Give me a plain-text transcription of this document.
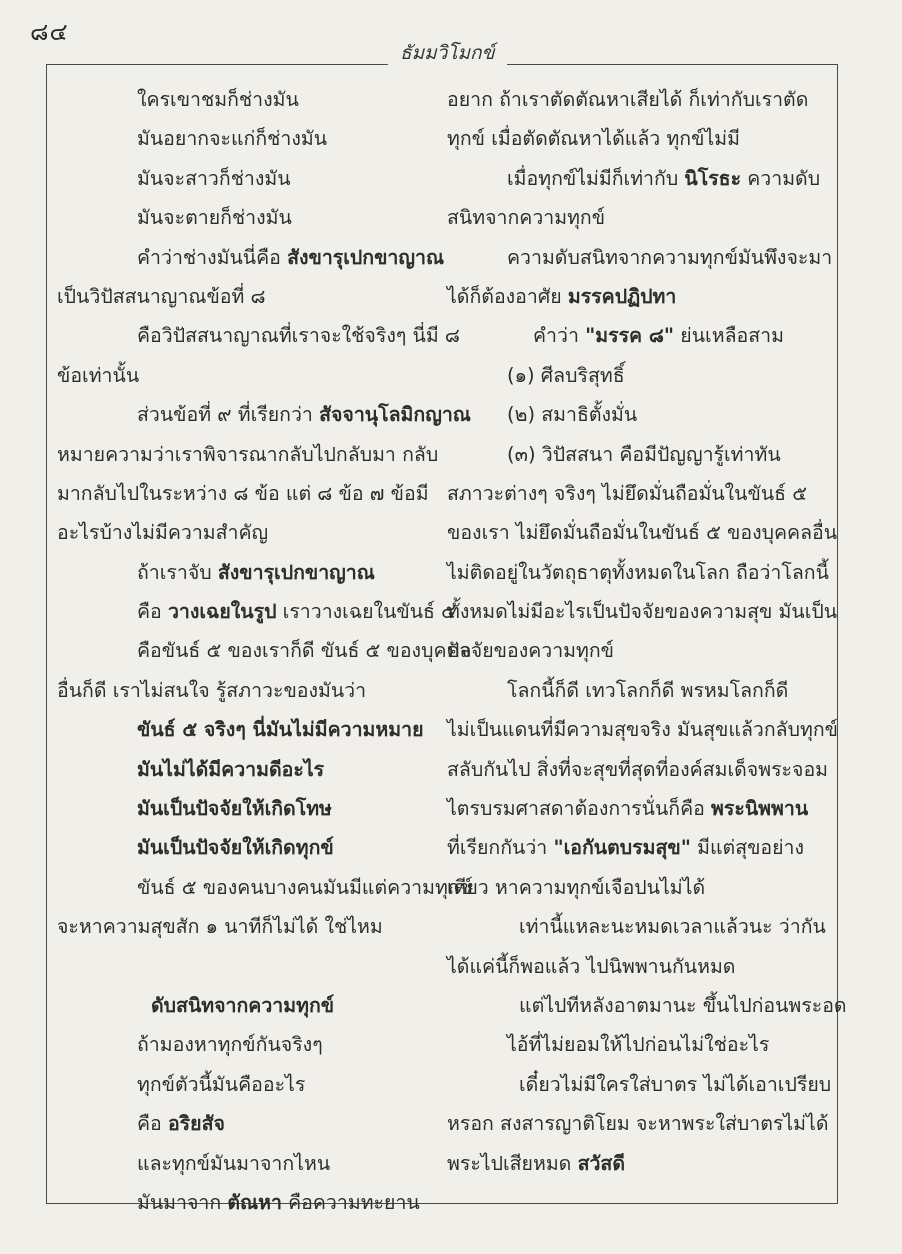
๘๔
ธัมมวิโมกข์
ใครเขาชมก็ช่างมัน
มันอยากจะแก่ก็ช่างมัน
มันจะสาวก็ช่างมัน
มันจะตายก็ช่างมัน
คำว่าช่างมันนี่คือ สังขารุเปกขาญาณ
เป็นวิปัสสนาญาณข้อที่ ๘
คือวิปัสสนาญาณที่เราจะใช้จริงๆ นี่มี ๘
ข้อเท่านั้น
ส่วนข้อที่ ๙ ที่เรียกว่า สัจจานุโลมิกญาณ
หมายความว่าเราพิจารณากลับไปกลับมา กลับ
มากลับไปในระหว่าง ๘ ข้อ แต่ ๘ ข้อ ๗ ข้อมี
อะไรบ้างไม่มีความสำคัญ
ถ้าเราจับ สังขารุเปกขาญาณ
คือ วางเฉยในรูป เราวางเฉยในขันธ์ ๕
คือขันธ์ ๕ ของเราก็ดี ขันธ์ ๕ ของบุคคล
อื่นก็ดี เราไม่สนใจ รู้สภาวะของมันว่า
ขันธ์ ๕ จริงๆ นี่มันไม่มีความหมาย
มันไม่ได้มีความดีอะไร
มันเป็นปัจจัยให้เกิดโทษ
มันเป็นปัจจัยให้เกิดทุกข์
ขันธ์ ๕ ของคนบางคนมันมีแต่ความทุกข์
จะหาความสุขสัก ๑ นาทีก็ไม่ได้ ใช่ไหม
ดับสนิทจากความทุกข์
ถ้ามองหาทุกข์กันจริงๆ
ทุกข์ตัวนี้มันคืออะไร
คือ อริยสัจ
และทุกข์มันมาจากไหน
มันมาจาก ตัณหา คือความทะยาน
อยาก ถ้าเราตัดตัณหาเสียได้ ก็เท่ากับเราตัด
ทุกข์ เมื่อตัดตัณหาได้แล้ว ทุกข์ไม่มี
เมื่อทุกข์ไม่มีก็เท่ากับ นิโรธะ ความดับ
สนิทจากความทุกข์
ความดับสนิทจากความทุกข์มันพึงจะมา
ได้ก็ต้องอาศัย มรรคปฏิปทา
คำว่า "มรรค ๘" ย่นเหลือสาม
(๑) ศีลบริสุทธิ์
(๒) สมาธิตั้งมั่น
(๓) วิปัสสนา คือมีปัญญารู้เท่าทัน
สภาวะต่างๆ จริงๆ ไม่ยึดมั่นถือมั่นในขันธ์ ๕
ของเรา ไม่ยึดมั่นถือมั่นในขันธ์ ๕ ของบุคคลอื่น
ไม่ติดอยู่ในวัตถุธาตุทั้งหมดในโลก ถือว่าโลกนี้
ทั้งหมดไม่มีอะไรเป็นปัจจัยของความสุข มันเป็น
ปัจจัยของความทุกข์
โลกนี้ก็ดี เทวโลกก็ดี พรหมโลกก็ดี
ไม่เป็นแดนที่มีความสุขจริง มันสุขแล้วกลับทุกข์
สลับกันไป สิ่งที่จะสุขที่สุดที่องค์สมเด็จพระจอม
ไตรบรมศาสดาต้องการนั่นก็คือ พระนิพพาน
ที่เรียกกันว่า "เอกันตบรมสุข" มีแต่สุขอย่าง
เดียว หาความทุกข์เจือปนไม่ได้
เท่านี้แหละนะหมดเวลาแล้วนะ ว่ากัน
ได้แค่นี้ก็พอแล้ว ไปนิพพานกันหมด
แต่ไปทีหลังอาตมานะ ขึ้นไปก่อนพระอด
ไอ้ที่ไม่ยอมให้ไปก่อนไม่ใช่อะไร
เดี๋ยวไม่มีใครใส่บาตร ไม่ได้เอาเปรียบ
หรอก สงสารญาติโยม จะหาพระใส่บาตรไม่ได้
พระไปเสียหมด สวัสดี
